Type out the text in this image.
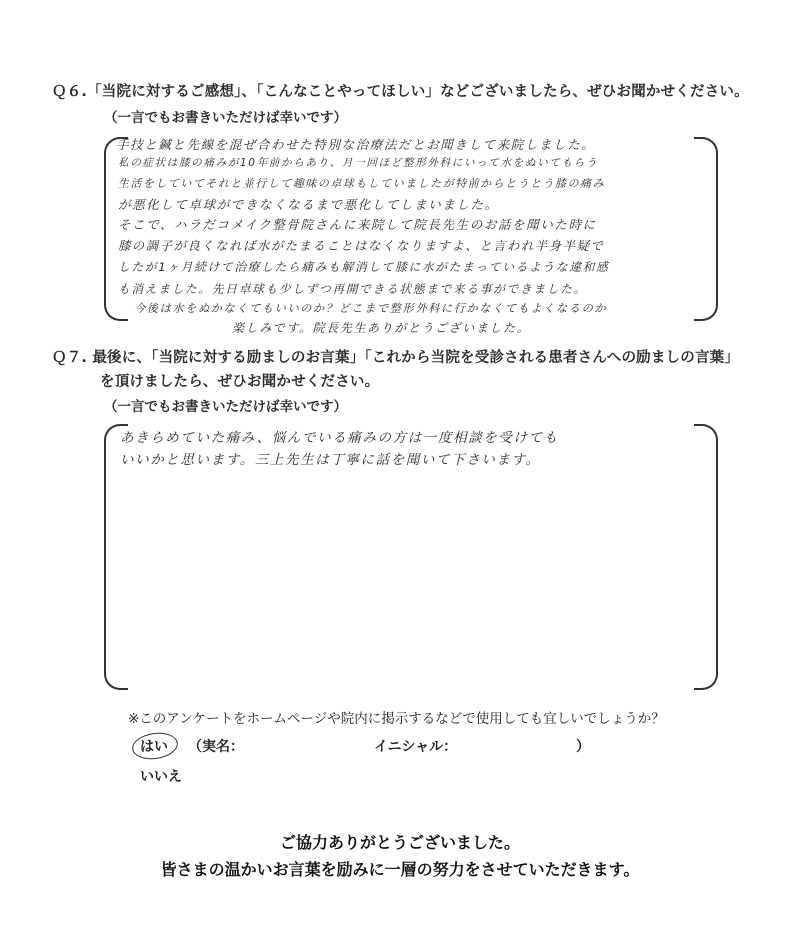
Ｑ６.「当院に対するご感想」、「こんなことやってほしい」などございましたら、ぜひお聞かせください。
（一言でもお書きいただけば幸いです）
手技と鍼と先線を混ぜ合わせた特別な治療法だとお聞きして来院しました。
私の症状は膝の痛みが10年前からあり、月一回ほど整形外科にいって水をぬいてもらう
生活をしていてそれと並行して趣味の卓球もしていましたが特前からとうとう膝の痛み
が悪化して卓球ができなくなるまで悪化してしまいました。
そこで、ハラだコメイク整骨院さんに来院して院長先生のお話を聞いた時に
膝の調子が良くなれば水がたまることはなくなりますよ、と言われ半身半疑で
したが1ヶ月続けて治療したら痛みも解消して膝に水がたまっているような違和感
も消えました。先日卓球も少しずつ再開できる状態まで来る事ができました。
今後は水をぬかなくてもいいのか？どこまで整形外科に行かなくてもよくなるのか
楽しみです。院長先生ありがとうございました。
Ｑ７. 最後に、「当院に対する励ましのお言葉」「これから当院を受診される患者さんへの励ましの言葉」
を頂けましたら、ぜひお聞かせください。
（一言でもお書きいただけば幸いです）
あきらめていた痛み、悩んでいる痛みの方は一度相談を受けても
いいかと思います。三上先生は丁寧に話を聞いて下さいます。
※このアンケートをホームページや院内に掲示するなどで使用しても宜しいでしょうか？
はい （実名：	イニシャル：	）
いいえ
ご協力ありがとうございました。
皆さまの温かいお言葉を励みに一層の努力をさせていただきます。
